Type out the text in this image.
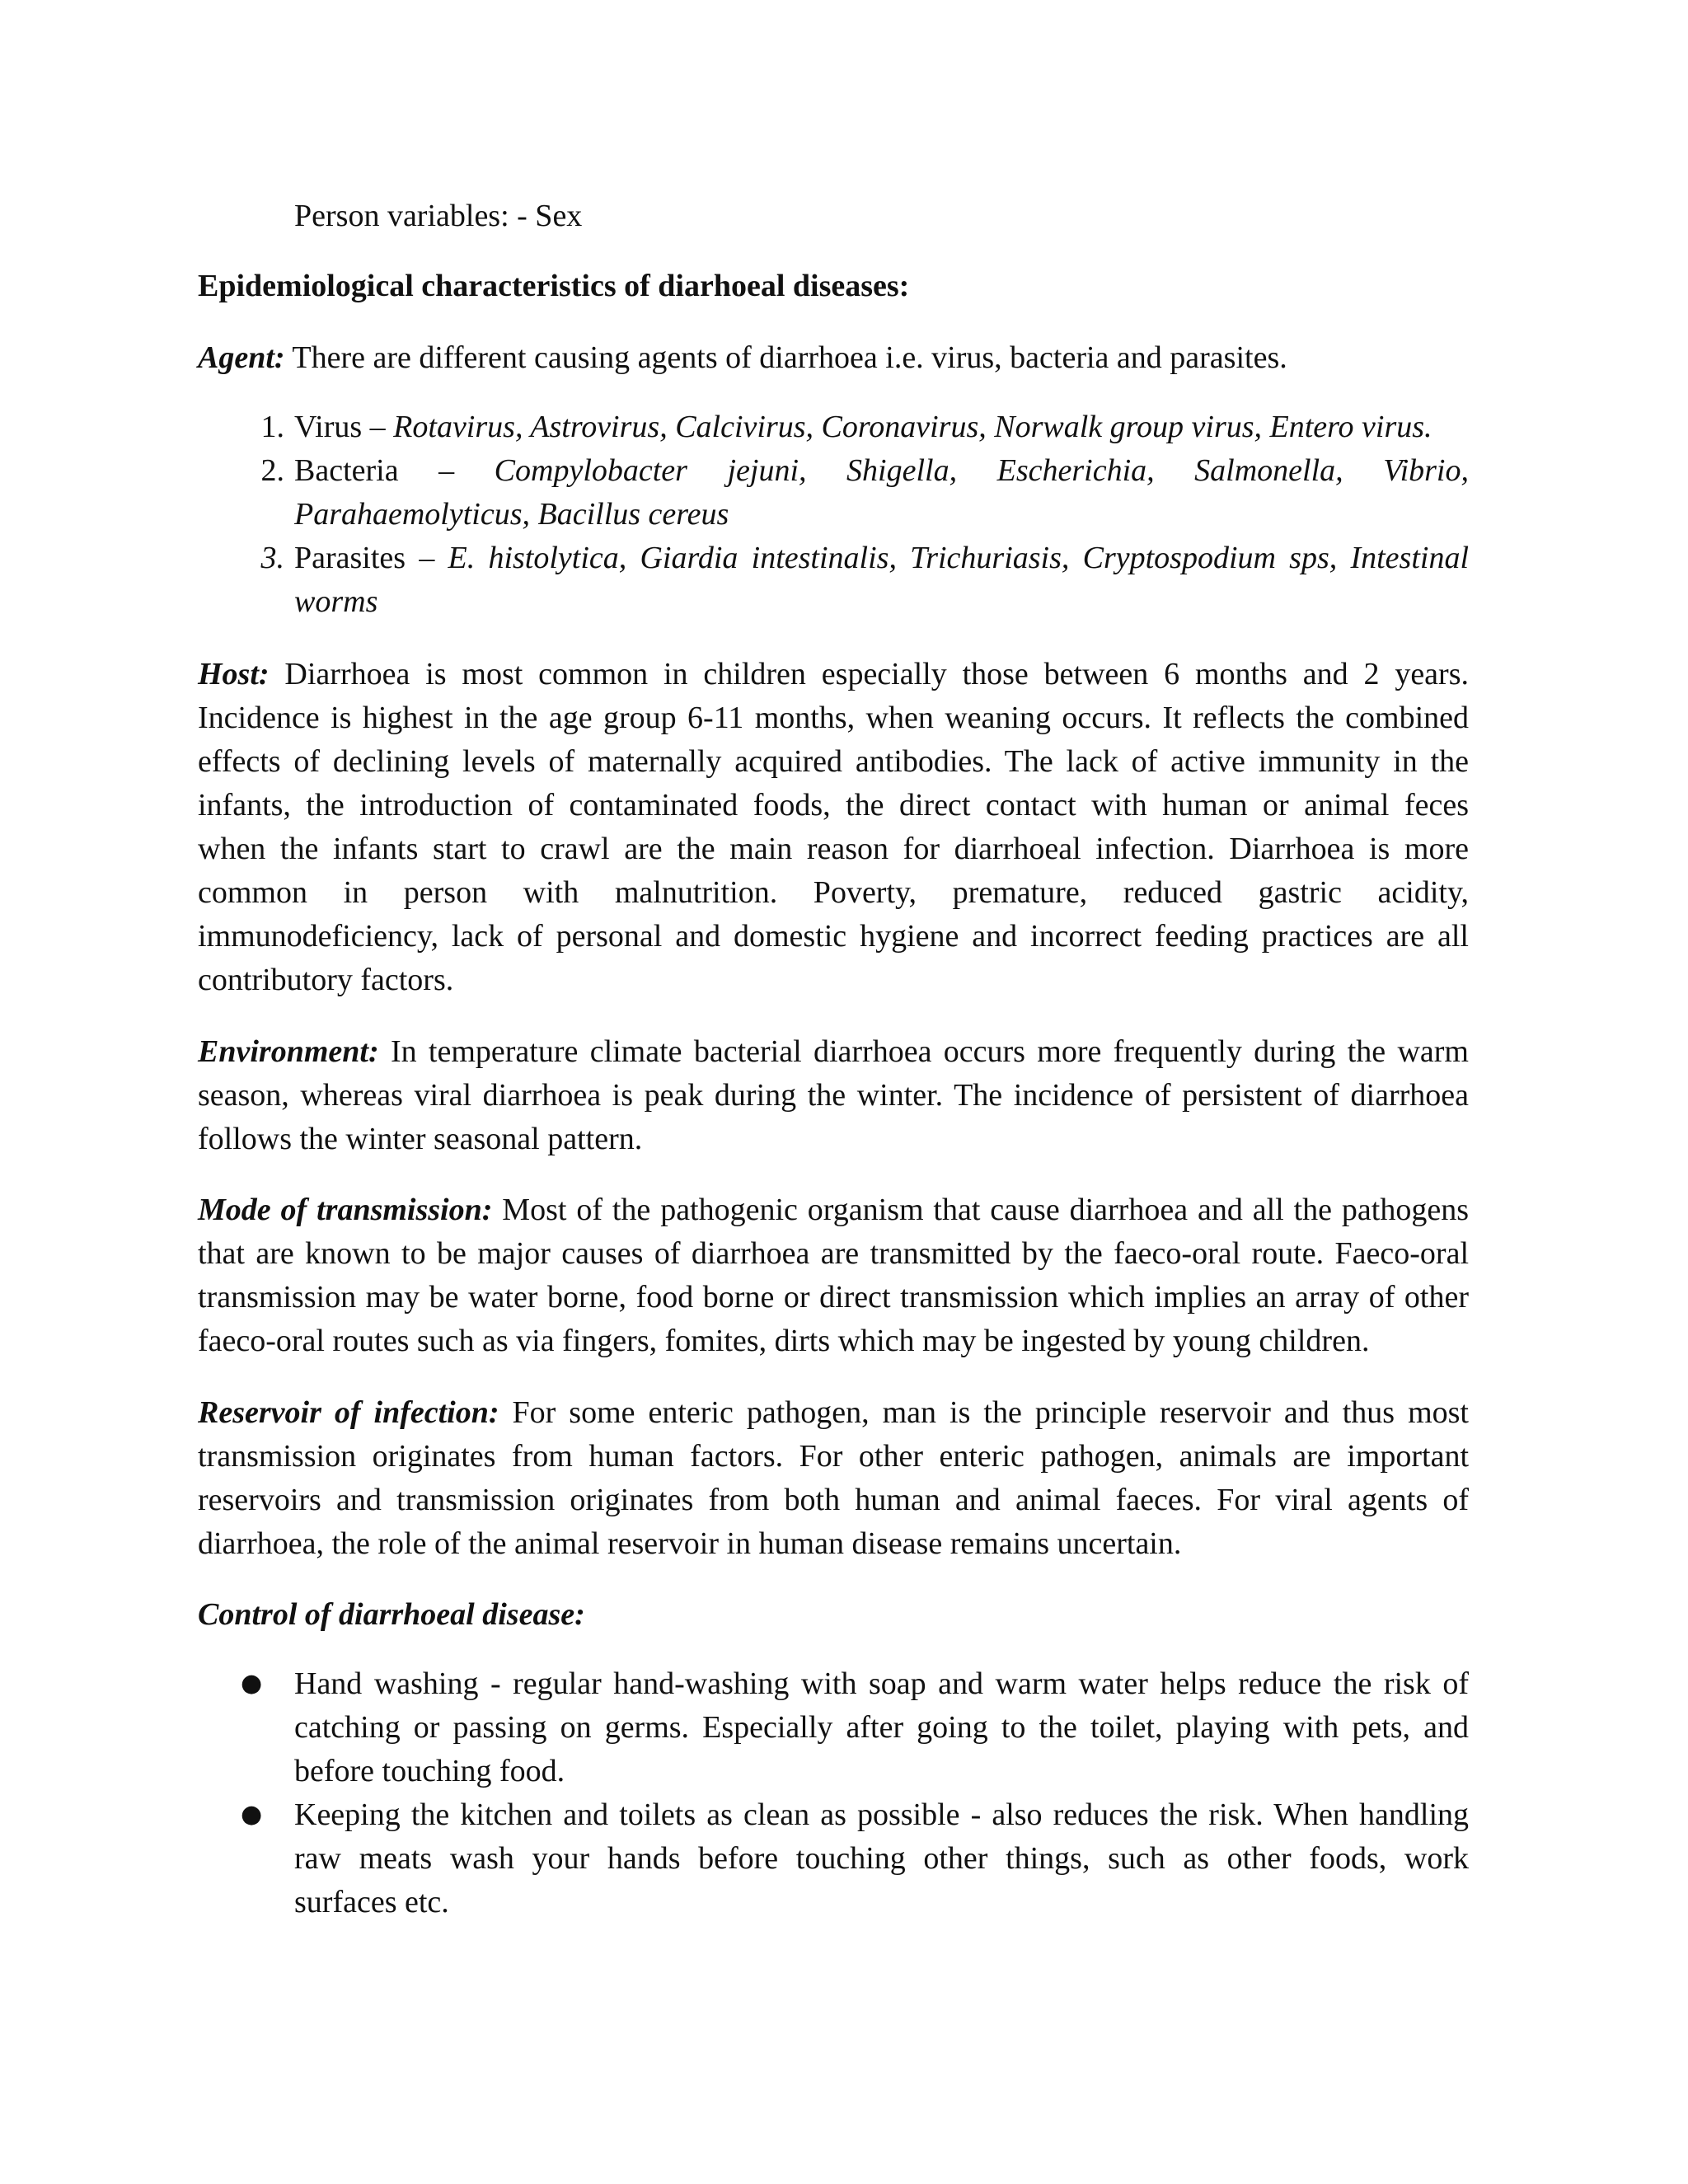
Person variables: - Sex
Epidemiological characteristics of diarhoeal diseases:
Agent: There are different causing agents of diarrhoea i.e. virus, bacteria and parasites.
1. Virus – Rotavirus, Astrovirus, Calcivirus, Coronavirus, Norwalk group virus, Entero virus.
2. Bacteria – Compylobacter jejuni, Shigella, Escherichia, Salmonella, Vibrio,
Parahaemolyticus, Bacillus cereus
3. Parasites – E. histolytica, Giardia intestinalis, Trichuriasis, Cryptospodium sps, Intestinal
worms
Host: Diarrhoea is most common in children especially those between 6 months and 2 years.
Incidence is highest in the age group 6-11 months, when weaning occurs. It reflects the combined
effects of declining levels of maternally acquired antibodies. The lack of active immunity in the
infants, the introduction of contaminated foods, the direct contact with human or animal feces
when the infants start to crawl are the main reason for diarrhoeal infection. Diarrhoea is more
common in person with malnutrition. Poverty, premature, reduced gastric acidity,
immunodeficiency, lack of personal and domestic hygiene and incorrect feeding practices are all
contributory factors.
Environment: In temperature climate bacterial diarrhoea occurs more frequently during the warm
season, whereas viral diarrhoea is peak during the winter. The incidence of persistent of diarrhoea
follows the winter seasonal pattern.
Mode of transmission: Most of the pathogenic organism that cause diarrhoea and all the pathogens
that are known to be major causes of diarrhoea are transmitted by the faeco-oral route. Faeco-oral
transmission may be water borne, food borne or direct transmission which implies an array of other
faeco-oral routes such as via fingers, fomites, dirts which may be ingested by young children.
Reservoir of infection: For some enteric pathogen, man is the principle reservoir and thus most
transmission originates from human factors. For other enteric pathogen, animals are important
reservoirs and transmission originates from both human and animal faeces. For viral agents of
diarrhoea, the role of the animal reservoir in human disease remains uncertain.
Control of diarrhoeal disease:
● Hand washing - regular hand-washing with soap and warm water helps reduce the risk of
catching or passing on germs. Especially after going to the toilet, playing with pets, and
before touching food.
● Keeping the kitchen and toilets as clean as possible - also reduces the risk. When handling
raw meats wash your hands before touching other things, such as other foods, work
surfaces etc.
